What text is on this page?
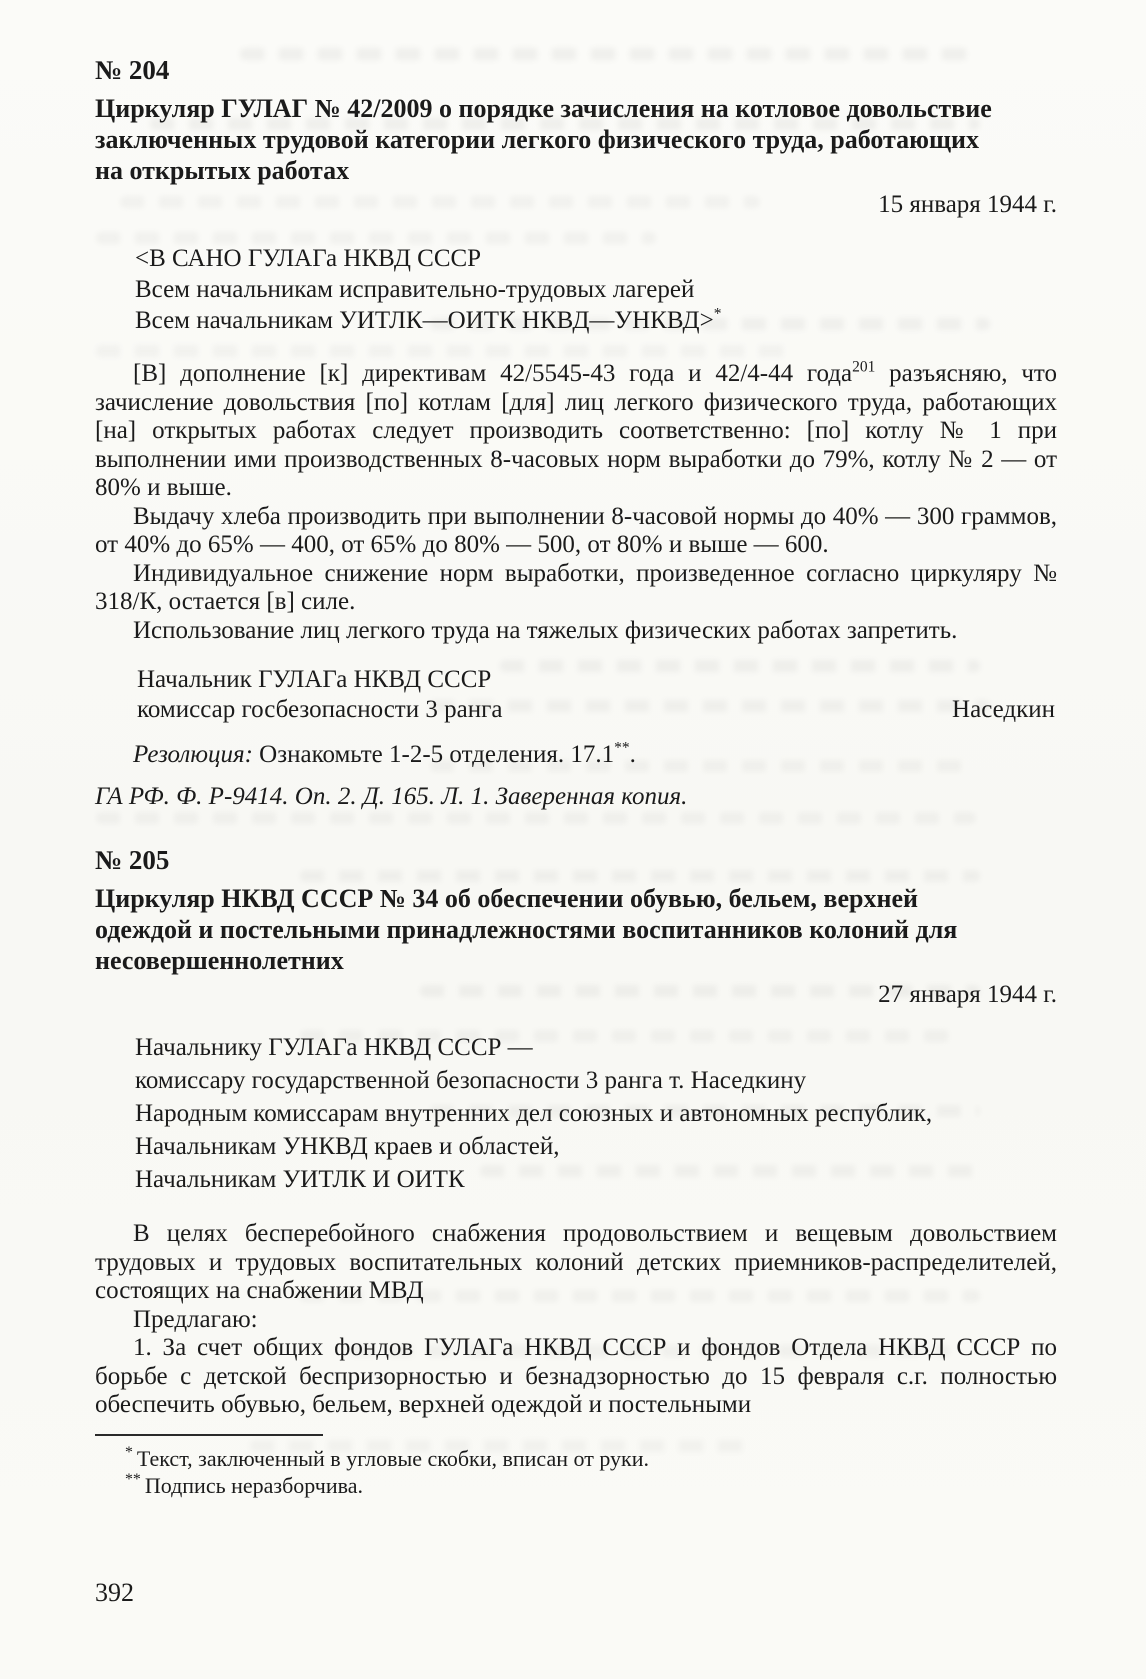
№ 204
Циркуляр ГУЛАГ № 42/2009 о порядке зачисления на котловое довольствие заключенных трудовой категории легкого физического труда, работающих на открытых работах
15 января 1944 г.
<В САНО ГУЛАГа НКВД СССР
Всем начальникам исправительно-трудовых лагерей
Всем начальникам УИТЛК—ОИТК НКВД—УНКВД>*

[В] дополнение [к] директивам 42/5545-43 года и 42/4-44 года$^{201}$ разъясняю, что зачисление довольствия [по] котлам [для] лиц легкого физического труда, работающих [на] открытых работах следует производить соответственно: [по] котлу № 1 при выполнении ими производственных 8-часовых норм выработки до 79%, котлу № 2 — от 80% и выше.

Выдачу хлеба производить при выполнении 8-часовой нормы до 40% — 300 граммов, от 40% до 65% — 400, от 65% до 80% — 500, от 80% и выше — 600.

Индивидуальное снижение норм выработки, произведенное согласно циркуляру № 318/К, остается [в] силе.

Использование лиц легкого труда на тяжелых физических работах запретить.

Начальник ГУЛАГа НКВД СССР
комиссар госбезопасности 3 ранга	Наседкин
Резолюция: Ознакомьте 1-2-5 отделения. 17.1**.
ГА РФ. Ф. Р-9414. Оп. 2. Д. 165. Л. 1. Заверенная копия.
№ 205
Циркуляр НКВД СССР № 34 об обеспечении обувью, бельем, верхней одеждой и постельными принадлежностями воспитанников колоний для несовершеннолетних
27 января 1944 г.
Начальнику ГУЛАГа НКВД СССР —
комиссару государственной безопасности 3 ранга т. Наседкину
Народным комиссарам внутренних дел союзных и автономных республик,
Начальникам УНКВД краев и областей,
Начальникам УИТЛК И ОИТК

В целях бесперебойного снабжения продовольствием и вещевым довольствием трудовых и трудовых воспитательных колоний детских приемников-распределителей, состоящих на снабжении МВД

Предлагаю:

1. За счет общих фондов ГУЛАГа НКВД СССР и фондов Отдела НКВД СССР по борьбе с детской беспризорностью и безнадзорностью до 15 февраля с.г. полностью обеспечить обувью, бельем, верхней одеждой и постельными

* Текст, заключенный в угловые скобки, вписан от руки.

** Подпись неразборчива.

392
